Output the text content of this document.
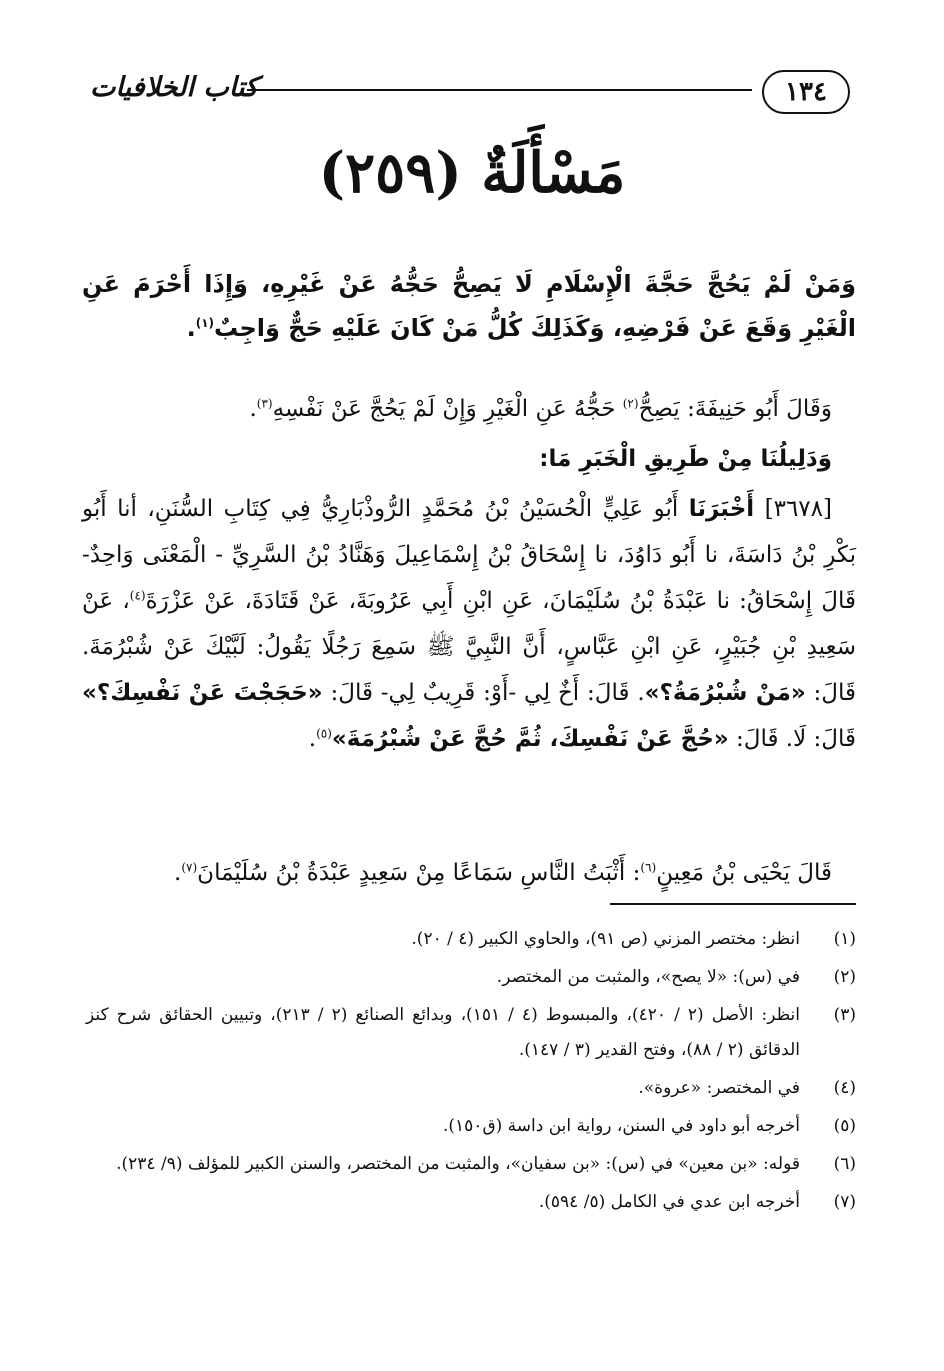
١٣٤
كتاب الخلافيات
مَسْأَلَةٌ (٢٥٩)
وَمَنْ لَمْ يَحُجَّ حَجَّةَ الْإِسْلَامِ لَا يَصِحُّ حَجُّهُ عَنْ غَيْرِهِ، وَإِذَا أَحْرَمَ عَنِ الْغَيْرِ وَقَعَ عَنْ فَرْضِهِ، وَكَذَلِكَ كُلُّ مَنْ كَانَ عَلَيْهِ حَجٌّ وَاجِبٌ$^{(١)}$.
وَقَالَ أَبُو حَنِيفَةَ: يَصِحُّ$^{(٢)}$ حَجُّهُ عَنِ الْغَيْرِ وَإِنْ لَمْ يَحُجَّ عَنْ نَفْسِهِ$^{(٣)}$.
وَدَلِيلُنَا مِنْ طَرِيقِ الْخَبَرِ مَا:
[٣٦٧٨] أَخْبَرَنَا أَبُو عَلِيٍّ الْحُسَيْنُ بْنُ مُحَمَّدٍ الرُّوذْبَارِيُّ فِي كِتَابِ السُّنَنِ، أنا أَبُو بَكْرِ بْنُ دَاسَةَ، نا أَبُو دَاوُدَ، نا إِسْحَاقُ بْنُ إِسْمَاعِيلَ وَهَنَّادُ بْنُ السَّرِيِّ - الْمَعْنَى وَاحِدٌ- قَالَ إِسْحَاقُ: نا عَبْدَةُ بْنُ سُلَيْمَانَ، عَنِ ابْنِ أَبِي عَرُوبَةَ، عَنْ قَتَادَةَ، عَنْ عَزْرَةَ$^{(٤)}$، عَنْ سَعِيدِ بْنِ جُبَيْرٍ، عَنِ ابْنِ عَبَّاسٍ، أَنَّ النَّبِيَّ ﷺ سَمِعَ رَجُلًا يَقُولُ: لَبَّيْكَ عَنْ شُبْرُمَةَ. قَالَ: «مَنْ شُبْرُمَةُ؟». قَالَ: أَخٌ لِي -أَوْ: قَرِيبٌ لِي- قَالَ: «حَجَجْتَ عَنْ نَفْسِكَ؟» قَالَ: لَا. قَالَ: «حُجَّ عَنْ نَفْسِكَ، ثُمَّ حُجَّ عَنْ شُبْرُمَةَ»$^{(٥)}$.
قَالَ يَحْيَى بْنُ مَعِينٍ$^{(٦)}$: أَثْبَتُ النَّاسِ سَمَاعًا مِنْ سَعِيدٍ عَبْدَةُ بْنُ سُلَيْمَانَ$^{(٧)}$.
(١)
انظر: مختصر المزني (ص ٩١)، والحاوي الكبير (٤ / ٢٠).
(٢)
في (س): «لا يصح»، والمثبت من المختصر.
(٣)
انظر: الأصل (٢ / ٤٢٠)، والمبسوط (٤ / ١٥١)، وبدائع الصنائع (٢ / ٢١٣)، وتبيين الحقائق شرح كنز الدقائق (٢ / ٨٨)، وفتح القدير (٣ / ١٤٧).
(٤)
في المختصر: «عروة».
(٥)
أخرجه أبو داود في السنن، رواية ابن داسة (ق١٥٠).
(٦)
قوله: «بن معين» في (س): «بن سفيان»، والمثبت من المختصر، والسنن الكبير للمؤلف (٩/ ٢٣٤).
(٧)
أخرجه ابن عدي في الكامل (٥/ ٥٩٤).
